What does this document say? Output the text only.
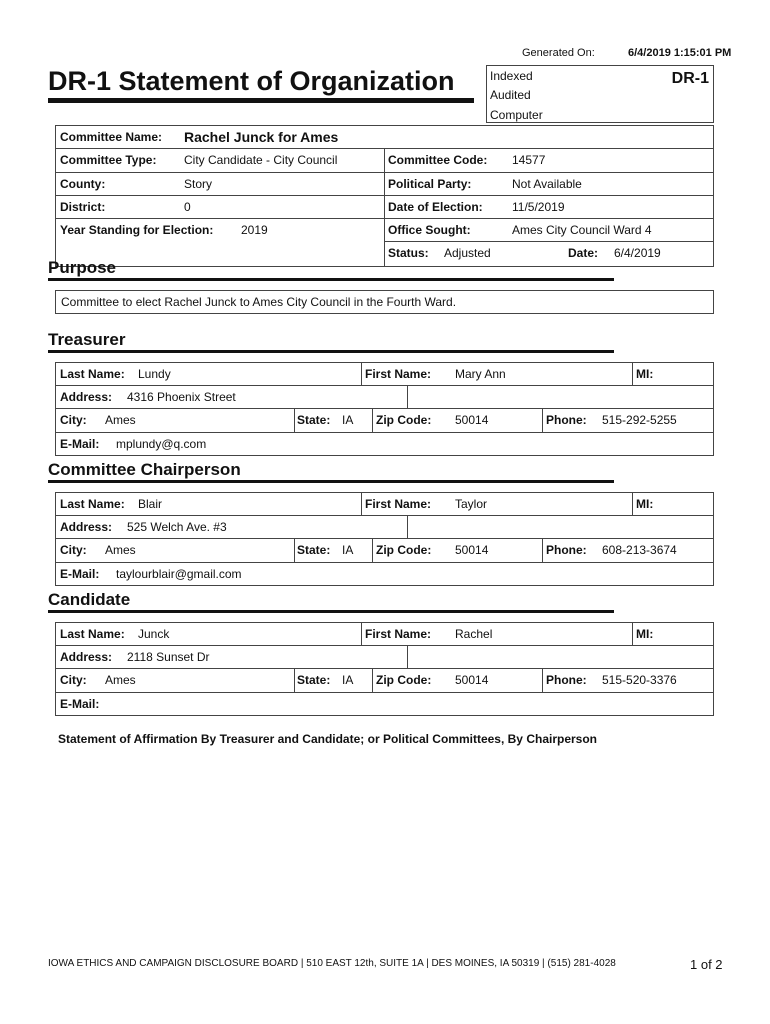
Generated On:	6/4/2019 1:15:01 PM
DR-1 Statement of Organization	Indexed
Audited
Computer
DR-1
Committee Name: Rachel Junck for Ames
Committee Type: City Candidate - City Council	Committee Code: 14577
County:	Story	Political Party:	Not Available
District:	0	Date of Election: 11/5/2019
Year Standing for Election: 2019	Office Sought:	Ames City Council Ward 4
Status: Adjusted	Date: 6/4/2019
Purpose
Committee to elect Rachel Junck to Ames City Council in the Fourth Ward.
Treasurer
Last Name: Lundy	First Name: Mary Ann	MI:
Address: 4316 Phoenix Street
City: Ames	State: IA Zip Code: 50014	Phone: 515-292-5255
E-Mail: mplundy@q.com
Committee Chairperson
Last Name: Blair	First Name: Taylor	MI:
Address: 525 Welch Ave. #3
City: Ames	State: IA Zip Code: 50014	Phone: 608-213-3674
E-Mail: taylourblair@gmail.com
Candidate
Last Name: Junck	First Name: Rachel	MI:
Address: 2118 Sunset Dr
City: Ames	State: IA Zip Code: 50014	Phone: 515-520-3376
E-Mail:
Statement of Affirmation By Treasurer and Candidate; or Political Committees, By Chairperson
IOWA ETHICS AND CAMPAIGN DISCLOSURE BOARD | 510 EAST 12th, SUITE 1A | DES MOINES, IA 50319 | (515) 281-4028	1 of 2
